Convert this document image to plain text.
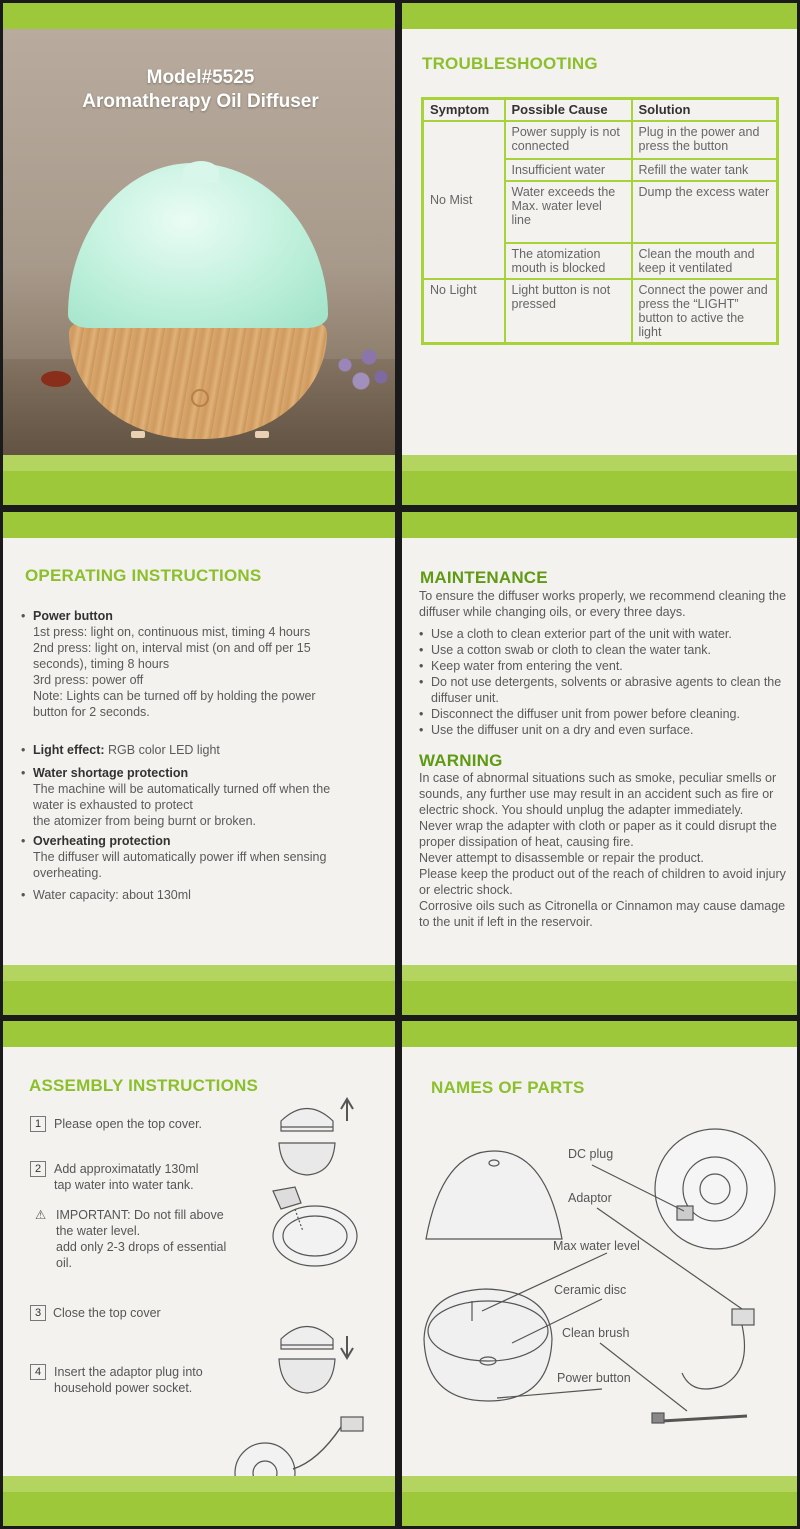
Model#5525
Aromatherapy Oil Diffuser
TROUBLESHOOTING
Symptom	Possible Cause	Solution
No Mist	Power supply is not connected	Plug in the power and press the button
	Insufficient water	Refill the water tank
	Water exceeds the Max. water level line	Dump the excess water
	The atomization mouth is blocked	Clean the mouth and keep it ventilated
No Light	Light button is not pressed	Connect the power and press the “LIGHT” button to active the light
OPERATING INSTRUCTIONS
• Power button
1st press: light on, continuous mist, timing 4 hours
2nd press: light on, interval mist (on and off per 15 seconds), timing 8 hours
3rd press: power off
Note: Lights can be turned off by holding the power button for 2 seconds.
• Light effect: RGB color LED light
• Water shortage protection
The machine will be automatically turned off when the water is exhausted to protect
the atomizer from being burnt or broken.
• Overheating protection
The diffuser will automatically power iff when sensing overheating.
• Water capacity: about 130ml
MAINTENANCE
To ensure the diffuser works properly, we recommend cleaning the diffuser while changing oils, or every three days.
• Use a cloth to clean exterior part of the unit with water.
• Use a cotton swab or cloth to clean the water tank.
• Keep water from entering the vent.
• Do not use detergents, solvents or abrasive agents to clean the diffuser unit.
• Disconnect the diffuser unit from power before cleaning.
• Use the diffuser unit on a dry and even surface.
WARNING
In case of abnormal situations such as smoke, peculiar smells or sounds, any further use may result in an accident such as fire or electric shock. You should unplug the adapter immediately.
Never wrap the adapter with cloth or paper as it could disrupt the proper dissipation of heat, causing fire.
Never attempt to disassemble or repair the product.
Please keep the product out of the reach of children to avoid injury or electric shock.
Corrosive oils such as Citronella or Cinnamon may cause damage to the unit if left in the reservoir.
ASSEMBLY INSTRUCTIONS
1	Please open the top cover.
2	Add approximatatly 130ml
tap water into water tank.
⚠ IMPORTANT: Do not fill above
the water level.
add only 2-3 drops of essential
oil.
3 Close the top cover
4	Insert the adaptor plug into
household power socket.
NAMES OF PARTS
DC plug
Adaptor
Max water level
Ceramic disc
Clean brush
Power button
